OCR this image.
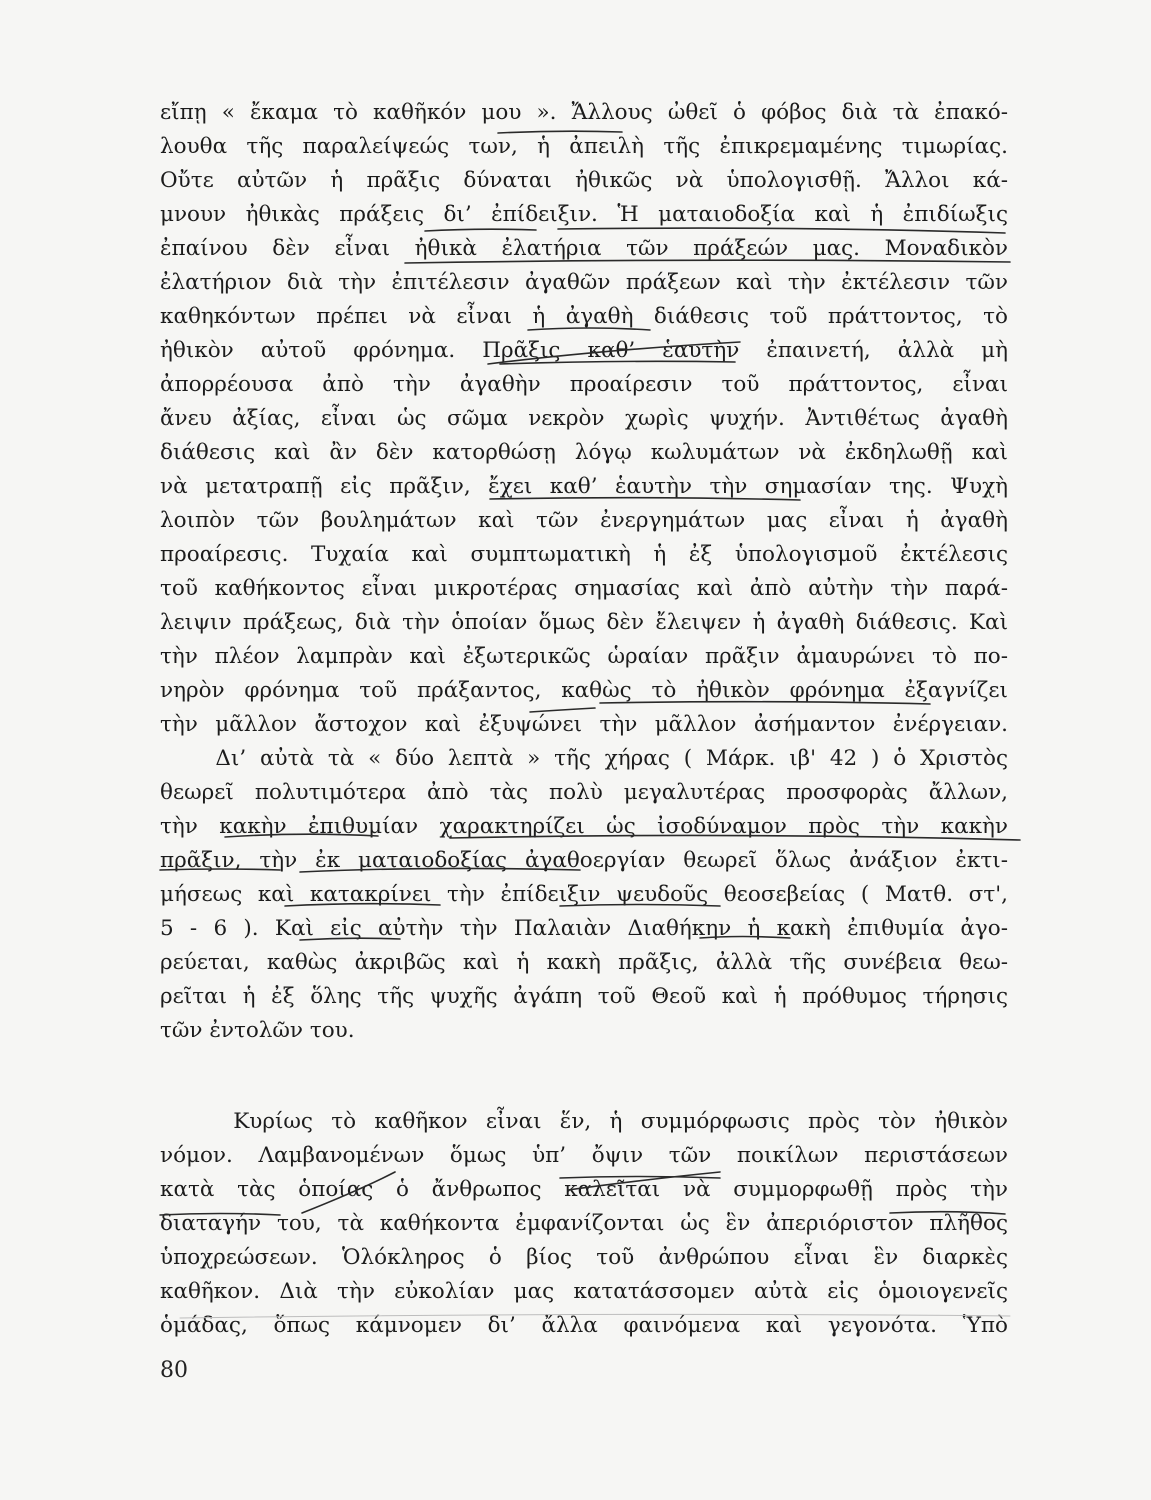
εἴπῃ « ἔκαμα τὸ καθῆκόν μου ». Ἄλλους ὠθεῖ ὁ φόβος διὰ τὰ ἐπακό-
λουθα τῆς παραλείψεώς των, ἡ ἀπειλὴ τῆς ἐπικρεμαμένης τιμωρίας.
Οὔτε αὐτῶν ἡ πρᾶξις δύναται ἠθικῶς νὰ ὑπολογισθῇ. Ἄλλοι κά-
μνουν ἠθικὰς πράξεις δι’ ἐπίδειξιν. Ἡ ματαιοδοξία καὶ ἡ ἐπιδίωξις
ἐπαίνου δὲν εἶναι ἠθικὰ ἐλατήρια τῶν πράξεών μας. Μοναδικὸν
ἐλατήριον διὰ τὴν ἐπιτέλεσιν ἀγαθῶν πράξεων καὶ τὴν ἐκτέλεσιν τῶν
καθηκόντων πρέπει νὰ εἶναι ἡ ἀγαθὴ διάθεσις τοῦ πράττοντος, τὸ
ἠθικὸν αὐτοῦ φρόνημα. Πρᾶξις καθ’ ἑαυτὴν ἐπαινετή, ἀλλὰ μὴ
ἀπορρέουσα ἀπὸ τὴν ἀγαθὴν προαίρεσιν τοῦ πράττοντος, εἶναι
ἄνευ ἀξίας, εἶναι ὡς σῶμα νεκρὸν χωρὶς ψυχήν. Ἀντιθέτως ἀγαθὴ
διάθεσις καὶ ἂν δὲν κατορθώσῃ λόγῳ κωλυμάτων νὰ ἐκδηλωθῇ καὶ
νὰ μετατραπῇ εἰς πρᾶξιν, ἔχει καθ’ ἑαυτὴν τὴν σημασίαν της. Ψυχὴ
λοιπὸν τῶν βουλημάτων καὶ τῶν ἐνεργημάτων μας εἶναι ἡ ἀγαθὴ
προαίρεσις. Τυχαία καὶ συμπτωματικὴ ἡ ἐξ ὑπολογισμοῦ ἐκτέλεσις
τοῦ καθήκοντος εἶναι μικροτέρας σημασίας καὶ ἀπὸ αὐτὴν τὴν παρά-
λειψιν πράξεως, διὰ τὴν ὁποίαν ὅμως δὲν ἔλειψεν ἡ ἀγαθὴ διάθεσις. Καὶ
τὴν πλέον λαμπρὰν καὶ ἐξωτερικῶς ὡραίαν πρᾶξιν ἀμαυρώνει τὸ πο-
νηρὸν φρόνημα τοῦ πράξαντος, καθὼς τὸ ἠθικὸν φρόνημα ἐξαγνίζει
τὴν μᾶλλον ἄστοχον καὶ ἐξυψώνει τὴν μᾶλλον ἀσήμαντον ἐνέργειαν.
Δι’ αὐτὰ τὰ « δύο λεπτὰ » τῆς χήρας ( Μάρκ. ιβ' 42 ) ὁ Χριστὸς
θεωρεῖ πολυτιμότερα ἀπὸ τὰς πολὺ μεγαλυτέρας προσφορὰς ἄλλων,
τὴν κακὴν ἐπιθυμίαν χαρακτηρίζει ὡς ἰσοδύναμον πρὸς τὴν κακὴν
πρᾶξιν, τὴν ἐκ ματαιοδοξίας ἀγαθοεργίαν θεωρεῖ ὅλως ἀνάξιον ἐκτι-
μήσεως καὶ κατακρίνει τὴν ἐπίδειξιν ψευδοῦς θεοσεβείας ( Ματθ. στ',
5 - 6 ). Καὶ εἰς αὐτὴν τὴν Παλαιὰν Διαθήκην ἡ κακὴ ἐπιθυμία ἀγο-
ρεύεται, καθὼς ἀκριβῶς καὶ ἡ κακὴ πρᾶξις, ἀλλὰ τῆς συνέβεια θεω-
ρεῖται ἡ ἐξ ὅλης τῆς ψυχῆς ἀγάπη τοῦ Θεοῦ καὶ ἡ πρόθυμος τήρησις
τῶν ἐντολῶν του.
Κυρίως τὸ καθῆκον εἶναι ἕν, ἡ συμμόρφωσις πρὸς τὸν ἠθικὸν
νόμον. Λαμβανομένων ὅμως ὑπ’ ὄψιν τῶν ποικίλων περιστάσεων
κατὰ τὰς ὁποίας ὁ ἄνθρωπος καλεῖται νὰ συμμορφωθῇ πρὸς τὴν
διαταγήν του, τὰ καθήκοντα ἐμφανίζονται ὡς ἓν ἀπεριόριστον πλῆθος
ὑποχρεώσεων. Ὁλόκληρος ὁ βίος τοῦ ἀνθρώπου εἶναι ἓν διαρκὲς
καθῆκον. Διὰ τὴν εὐκολίαν μας κατατάσσομεν αὐτὰ εἰς ὁμοιογενεῖς
ὁμάδας, ὅπως κάμνομεν δι’ ἄλλα φαινόμενα καὶ γεγονότα. Ὑπὸ
80
